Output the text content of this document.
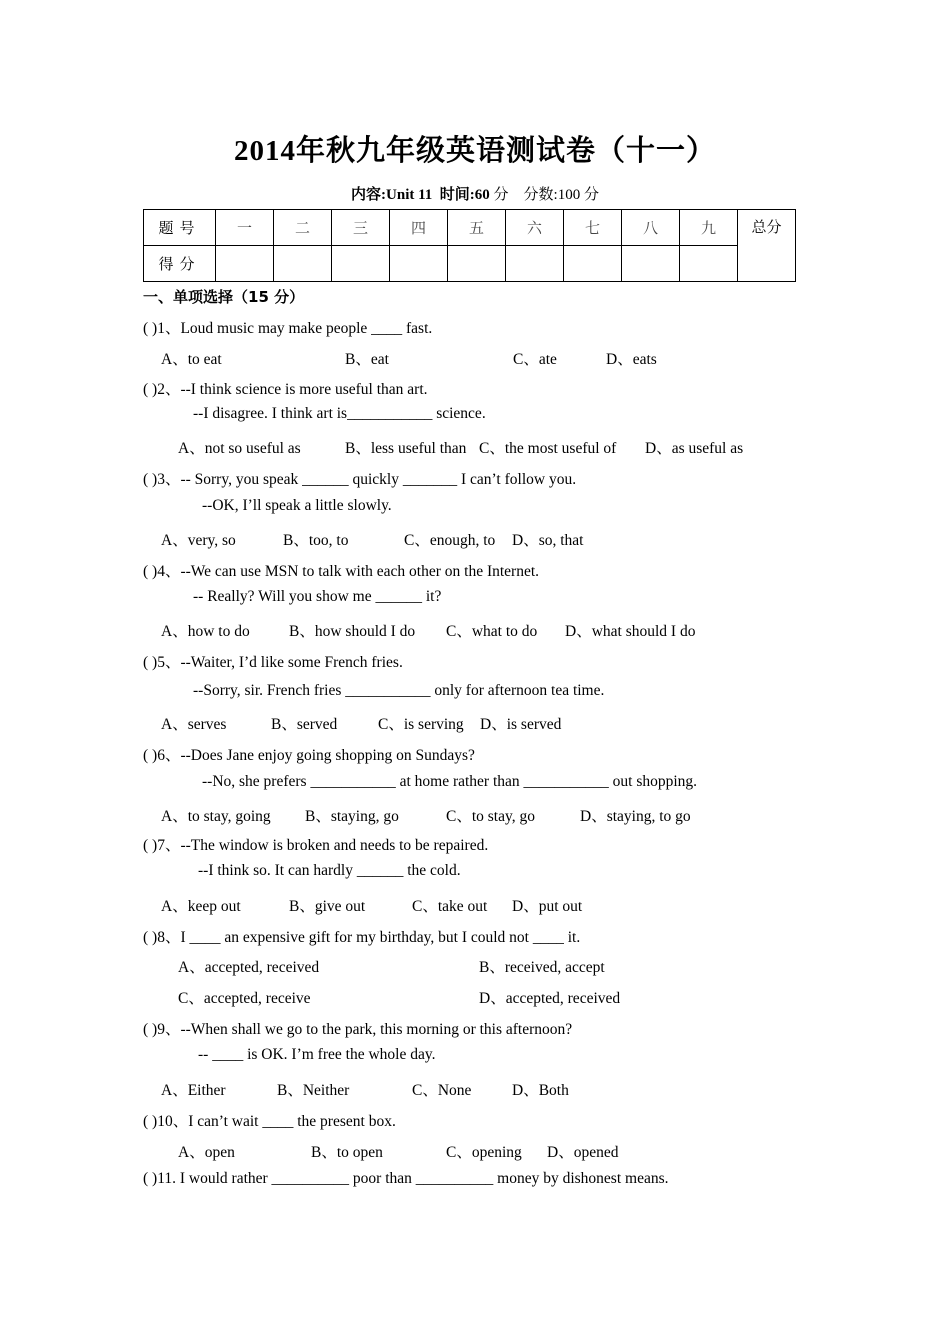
2014年秋九年级英语测试卷（十一）
内容:Unit 11 时间:60 分 分数:100 分
题号	一	二	三	四	五	六	七	八	九	总分
得分										
一、单项选择（15 分）
( )1、Loud music may make people ____ fast.
A、to eat	B、eat	C、ate	D、eats
( )2、--I think science is more useful than art.
--I disagree. I think art is___________ science.
A、not so useful as	B、less useful than C、the most useful of D、as useful as
( )3、-- Sorry, you speak ______ quickly _______ I can’t follow you.
--OK, I’ll speak a little slowly.
A、very, so	B、too, to	C、enough, to D、so, that
( )4、--We can use MSN to talk with each other on the Internet.
-- Really? Will you show me ______ it?
A、how to do	B、how should I do C、what to do D、what should I do
( )5、--Waiter, I’d like some French fries.
--Sorry, sir. French fries ___________ only for afternoon tea time.
A、serves	B、served	C、is serving D、is served
( )6、--Does Jane enjoy going shopping on Sundays?
--No, she prefers ___________ at home rather than ___________ out shopping.
A、to stay, going B、staying, go	C、to stay, go	D、staying, to go
( )7、--The window is broken and needs to be repaired.
--I think so. It can hardly ______ the cold.
A、keep out	B、give out	C、take out D、put out
( )8、I ____ an expensive gift for my birthday, but I could not ____ it.
A、accepted, received	B、received, accept
C、accepted, receive	D、accepted, received
( )9、--When shall we go to the park, this morning or this afternoon?
-- ____ is OK. I’m free the whole day.
A、Either	B、Neither	C、None	D、Both
( )10、I can’t wait ____ the present box.
A、open	B、to open	C、opening D、opened
( )11. I would rather __________ poor than __________ money by dishonest means.
